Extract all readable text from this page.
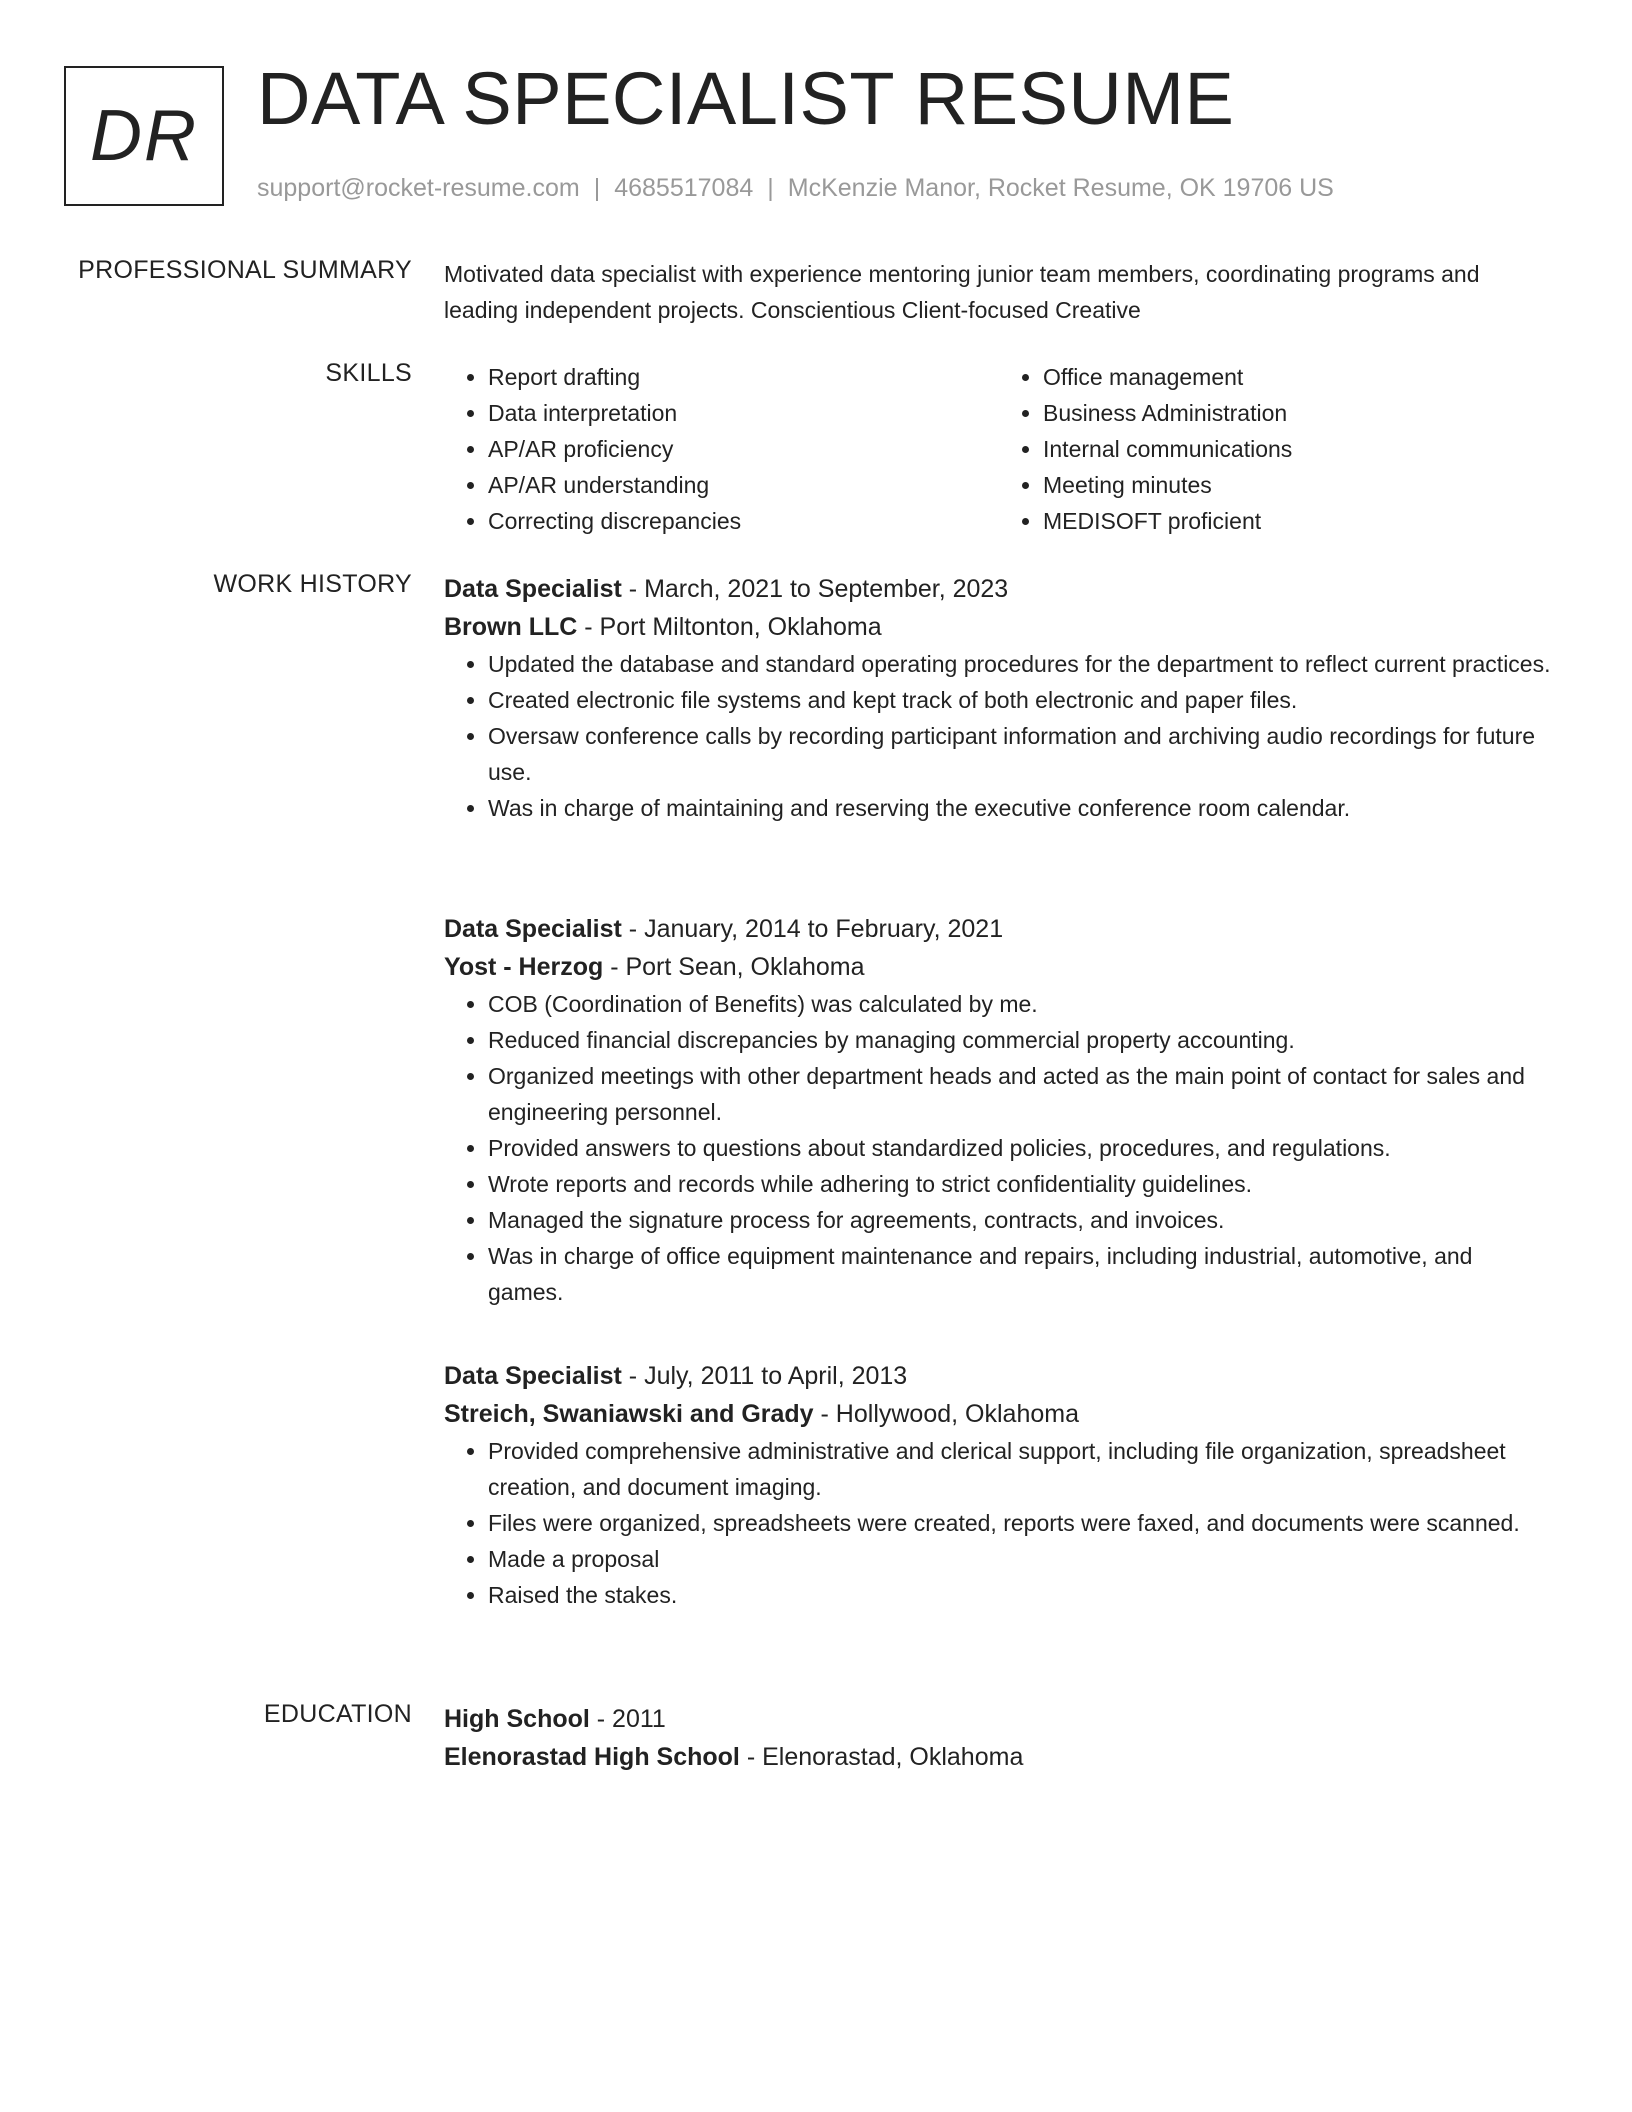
DR DATA SPECIALIST RESUME
support@rocket-resume.com | 4685517084 | McKenzie Manor, Rocket Resume, OK 19706 US
PROFESSIONAL SUMMARY Motivated data specialist with experience mentoring junior team members, coordinating programs and leading independent projects. Conscientious Client-focused Creative

SKILLS
•	Report drafting
• Data interpretation
• AP/AR proficiency
• AP/AR understanding
• Correcting discrepancies
• Office management
• Business Administration
• Internal communications
• Meeting minutes
• MEDISOFT proficient
WORK HISTORY Data Specialist - March, 2021 to September, 2023
Brown LLC - Port Miltonton, Oklahoma
• Updated the database and standard operating procedures for the department to reflect current practices.
• Created electronic file systems and kept track of both electronic and paper files.
• Oversaw conference calls by recording participant information and archiving audio recordings for future use.
• Was in charge of maintaining and reserving the executive conference room calendar.
Data Specialist - January, 2014 to February, 2021
Yost - Herzog - Port Sean, Oklahoma
• COB (Coordination of Benefits) was calculated by me.
• Reduced financial discrepancies by managing commercial property accounting.
• Organized meetings with other department heads and acted as the main point of contact for sales and engineering personnel.
• Provided answers to questions about standardized policies, procedures, and regulations.
• Wrote reports and records while adhering to strict confidentiality guidelines.
• Managed the signature process for agreements, contracts, and invoices.
• Was in charge of office equipment maintenance and repairs, including industrial, automotive, and games.
Data Specialist - July, 2011 to April, 2013
Streich, Swaniawski and Grady - Hollywood, Oklahoma
• Provided comprehensive administrative and clerical support, including file organization, spreadsheet creation, and document imaging.
• Files were organized, spreadsheets were created, reports were faxed, and documents were scanned.
• Made a proposal
• Raised the stakes.
EDUCATION High School - 2011
Elenorastad High School - Elenorastad, Oklahoma
